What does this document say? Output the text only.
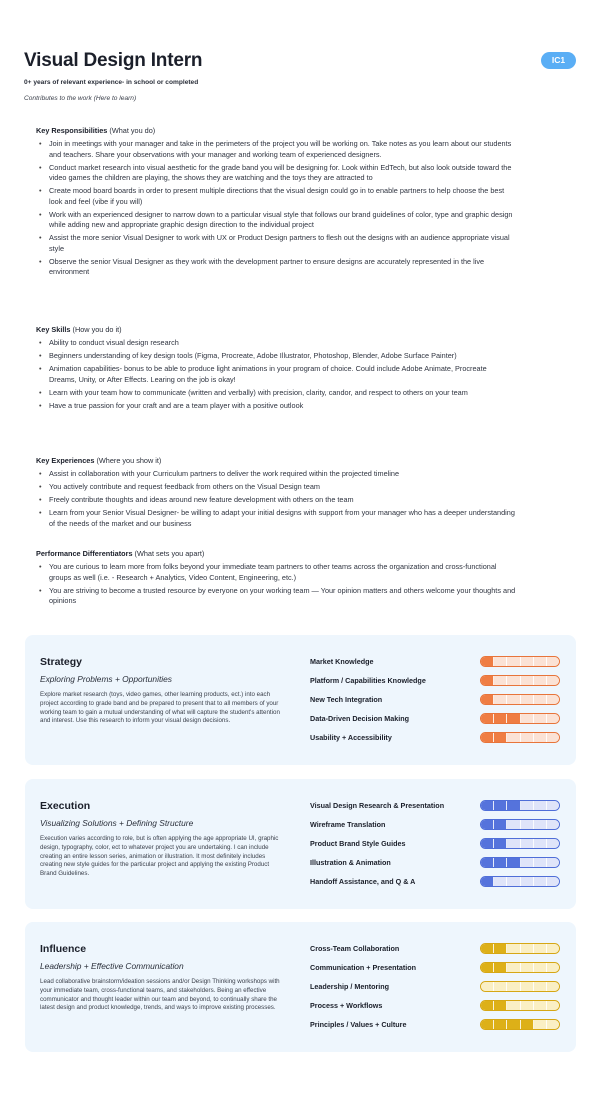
Visual Design Intern	IC1
0+ years of relevant experience- in school or completed
Contributes to the work (Here to learn)
Key Responsibilities (What you do)
• Join in meetings with your manager and take in the perimeters of the project you will be working on. Take notes as you learn about our students and teachers. Share your observations with your manager and working team of experienced designers.
• Conduct market research into visual aesthetic for the grade band you will be designing for. Look within EdTech, but also look outside toward the video games the children are playing, the shows they are watching and the toys they are attracted to
• Create mood board boards in order to present multiple directions that the visual design could go in to enable partners to help choose the best look and feel (vibe if you will)
• Work with an experienced designer to narrow down to a particular visual style that follows our brand guidelines of color, type and graphic design while adding new and appropriate graphic design direction to the individual project
• Assist the more senior Visual Designer to work with UX or Product Design partners to flesh out the designs with an audience appropriate visual style
• Observe the senior Visual Designer as they work with the development partner to ensure designs are accurately represented in the live environment
Key Skills (How you do it)
• Ability to conduct visual design research
• Beginners understanding of key design tools (Figma, Procreate, Adobe Illustrator, Photoshop, Blender, Adobe Surface Painter)
• Animation capabilities- bonus to be able to produce light animations in your program of choice. Could include Adobe Animate, Procreate Dreams, Unity, or After Effects. Learing on the job is okay!
• Learn with your team how to communicate (written and verbally) with precision, clarity, candor, and respect to others on your team
• Have a true passion for your craft and are a team player with a positive outlook
Key Experiences (Where you show it)
• Assist in collaboration with your Curriculum partners to deliver the work required within the projected timeline
• You actively contribute and request feedback from others on the Visual Design team
• Freely contribute thoughts and ideas around new feature development with others on the team
• Learn from your Senior Visual Designer- be willing to adapt your initial designs with support from your manager who has a deeper understanding of the needs of the market and our business
Performance Differentiators (What sets you apart)
• You are curious to learn more from folks beyond your immediate team partners to other teams across the organization and cross-functional groups as well (i.e. - Research + Analytics, Video Content, Engineering, etc.)
• You are striving to become a trusted resource by everyone on your working team — Your opinion matters and others welcome your thoughts and opinions
Strategy
Exploring Problems + Opportunities
Explore market research (toys, video games, other learning products, ect.) into each project according to grade band and be prepared to present that to all members of your working team to gain a mutual understanding of what will capture the student's attention and interest. Use this research to inform your visual design decisions.
Market Knowledge
Platform / Capabilities Knowledge
New Tech Integration
Data-Driven Decision Making
Usability + Accessibility
Execution
Visualizing Solutions + Defining Structure
Execution varies according to role, but is often applying the age appropriate UI, graphic design, typography, color, ect to whatever project you are undertaking. I can include creating an entire lesson series, animation or illustration. It most definitely includes creating new style guides for the particular project and applying the existing Product Brand Guidelines.
Visual Design Research & Presentation
Wireframe Translation
Product Brand Style Guides
Illustration & Animation
Handoff Assistance, and Q & A
Influence
Leadership + Effective Communication
Lead collaborative brainstorm/ideation sessions and/or Design Thinking workshops with your immediate team, cross-functional teams, and stakeholders. Being an effective communicator and thought leader within our team and beyond, to continually share the latest design and product knowledge, trends, and ways to improve existing processes.
Cross-Team Collaboration
Communication + Presentation
Leadership / Mentoring
Process + Workflows
Principles / Values + Culture
